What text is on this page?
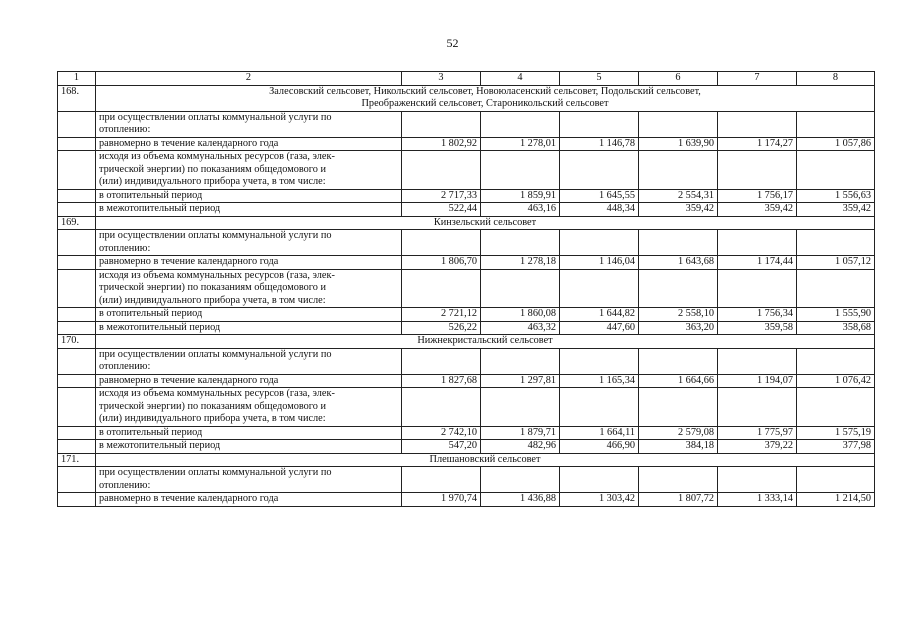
52
1	2	3	4	5	6	7	8
168.	Залесовский сельсовет, Никольский сельсовет, Новоюласенский сельсовет, Подольский сельсовет,
Преображенский сельсовет, Староникольский сельсовет						

	при осуществлении оплаты коммунальной услуги по
отоплению:						

	равномерно в течение календарного года	1 802,92	1 278,01	1 146,78	1 639,90	1 174,27	1 057,86

	исходя из объема коммунальных ресурсов (газа, элек-
трической энергии) по показаниям общедомового и
(или) индивидуального прибора учета, в том числе:						

	в отопительный период	2 717,33	1 859,91	1 645,55	2 554,31	1 756,17	1 556,63

	в межотопительный период	522,44	463,16	448,34	359,42	359,42	359,42
169.	Кинзельский сельсовет						

	при осуществлении оплаты коммунальной услуги по
отоплению:						

	равномерно в течение календарного года	1 806,70	1 278,18	1 146,04	1 643,68	1 174,44	1 057,12

	исходя из объема коммунальных ресурсов (газа, элек-
трической энергии) по показаниям общедомового и
(или) индивидуального прибора учета, в том числе:						

	в отопительный период	2 721,12	1 860,08	1 644,82	2 558,10	1 756,34	1 555,90

	в межотопительный период	526,22	463,32	447,60	363,20	359,58	358,68
170.	Нижнекристальский сельсовет						

	при осуществлении оплаты коммунальной услуги по
отоплению:						

	равномерно в течение календарного года	1 827,68	1 297,81	1 165,34	1 664,66	1 194,07	1 076,42

	исходя из объема коммунальных ресурсов (газа, элек-
трической энергии) по показаниям общедомового и
(или) индивидуального прибора учета, в том числе:						

	в отопительный период	2 742,10	1 879,71	1 664,11	2 579,08	1 775,97	1 575,19

	в межотопительный период	547,20	482,96	466,90	384,18	379,22	377,98
171.	Плешановский сельсовет						

	при осуществлении оплаты коммунальной услуги по
отоплению:						

	равномерно в течение календарного года	1 970,74	1 436,88	1 303,42	1 807,72	1 333,14	1 214,50
